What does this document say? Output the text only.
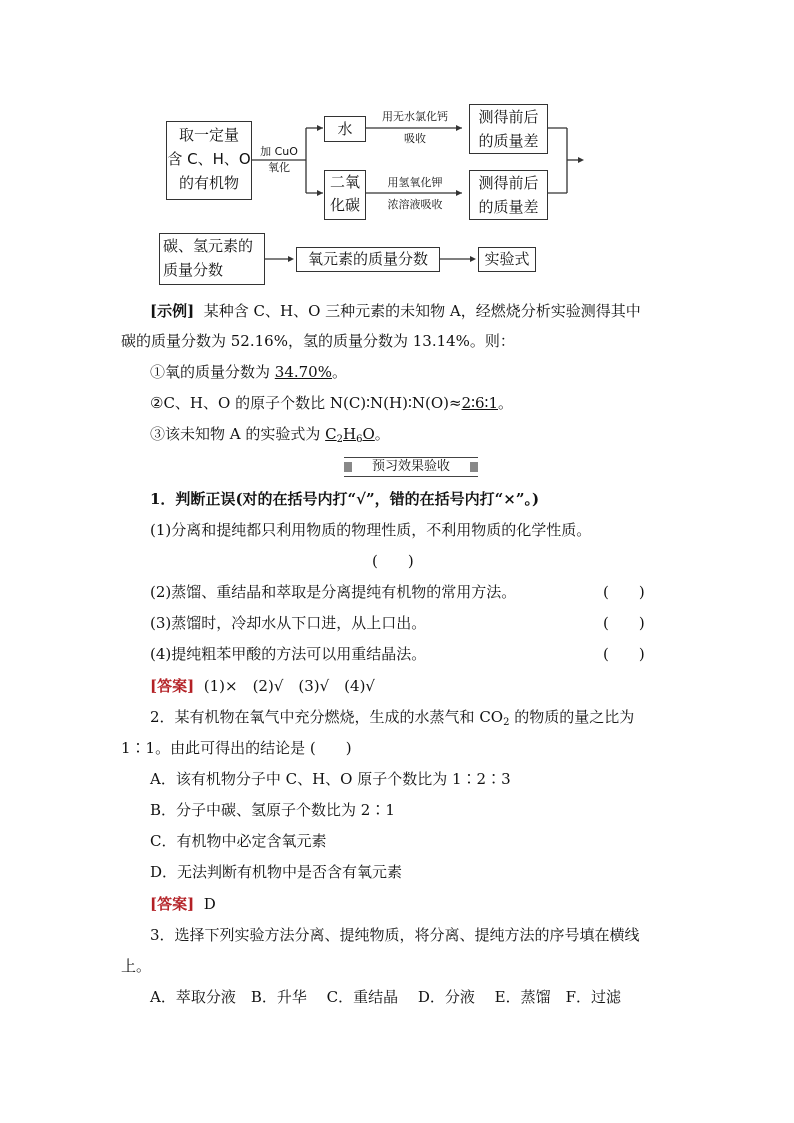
取一定量
含 C、H、O
的有机物
加 CuO
氧化
水
二氧
化碳
用无水氯化钙
吸收
用氢氧化钾
浓溶液吸收
测得前后
的质量差
测得前后
的质量差
碳、氢元素的
质量分数
氧元素的质量分数	实验式
[示例] 某种含 C、H、O 三种元素的未知物 A，经燃烧分析实验测得其中
碳的质量分数为 52.16%，氢的质量分数为 13.14%。则：
①氧的质量分数为 34.70%。
②C、H、O 的原子个数比 N(C)∶N(H)∶N(O)≈2∶6∶1。
③该未知物 A 的实验式为 $C_2H_6O$。
预习效果验收
1．判断正误(对的在括号内打“√”，错的在括号内打“×”。)
(1)分离和提纯都只利用物质的物理性质，不利用物质的化学性质。
(　　)
(2)蒸馏、重结晶和萃取是分离提纯有机物的常用方法。	(　　)
(3)蒸馏时，冷却水从下口进，从上口出。	(　　)
(4)提纯粗苯甲酸的方法可以用重结晶法。	(　　)
[答案] (1)×　(2)√　(3)√　(4)√
2．某有机物在氧气中充分燃烧，生成的水蒸气和 $CO_2$ 的物质的量之比为
1∶1。由此可得出的结论是 (　　)
A．该有机物分子中 C、H、O 原子个数比为 1∶2∶3
B．分子中碳、氢原子个数比为 2∶1
C．有机物中必定含氧元素
D．无法判断有机物中是否含有氧元素
[答案] D
3．选择下列实验方法分离、提纯物质，将分离、提纯方法的序号填在横线
上。
A．萃取分液　B．升华　 C．重结晶　 D．分液　 E．蒸馏　F．过滤
